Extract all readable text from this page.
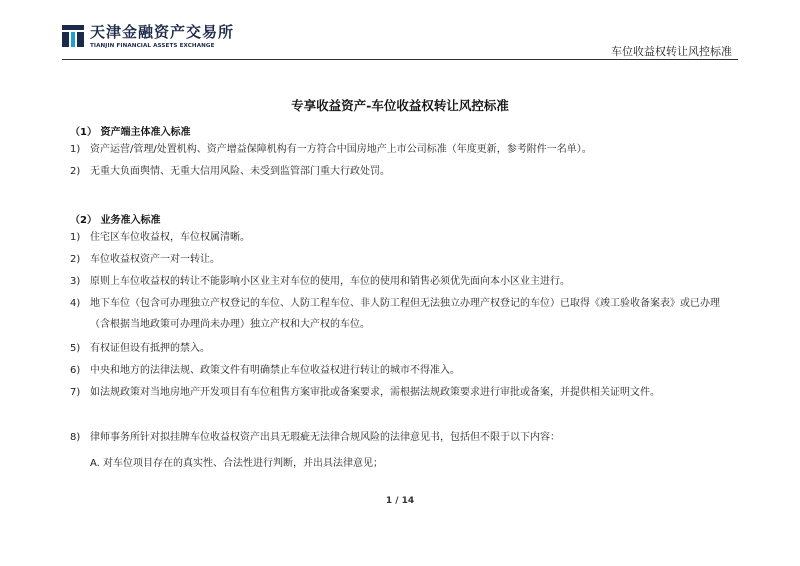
天津金融资产交易所
TIANJIN FINANCIAL ASSETS EXCHANGE	车位收益权转让风控标准
专享收益资产-车位收益权转让风控标准
（1） 资产端主体准入标准
1) 资产运营/管理/处置机构、资产增益保障机构有一方符合中国房地产上市公司标准（年度更新，参考附件一名单）。
2) 无重大负面舆情、无重大信用风险、未受到监管部门重大行政处罚。
（2） 业务准入标准
1) 住宅区车位收益权，车位权属清晰。
2) 车位收益权资产一对一转让。
3) 原则上车位收益权的转让不能影响小区业主对车位的使用，车位的使用和销售必须优先面向本小区业主进行。
4) 地下车位（包含可办理独立产权登记的车位、人防工程车位、非人防工程但无法独立办理产权登记的车位）已取得《竣工验收备案表》或已办理（含根据当地政策可办理尚未办理）独立产权和大产权的车位。
5) 有权证但设有抵押的禁入。
6) 中央和地方的法律法规、政策文件有明确禁止车位收益权进行转让的城市不得准入。
7) 如法规政策对当地房地产开发项目有车位租售方案审批或备案要求，需根据法规政策要求进行审批或备案，并提供相关证明文件。
8) 律师事务所针对拟挂牌车位收益权资产出具无瑕疵无法律合规风险的法律意见书，包括但不限于以下内容：
A. 对车位项目存在的真实性、合法性进行判断，并出具法律意见；
1 / 14
